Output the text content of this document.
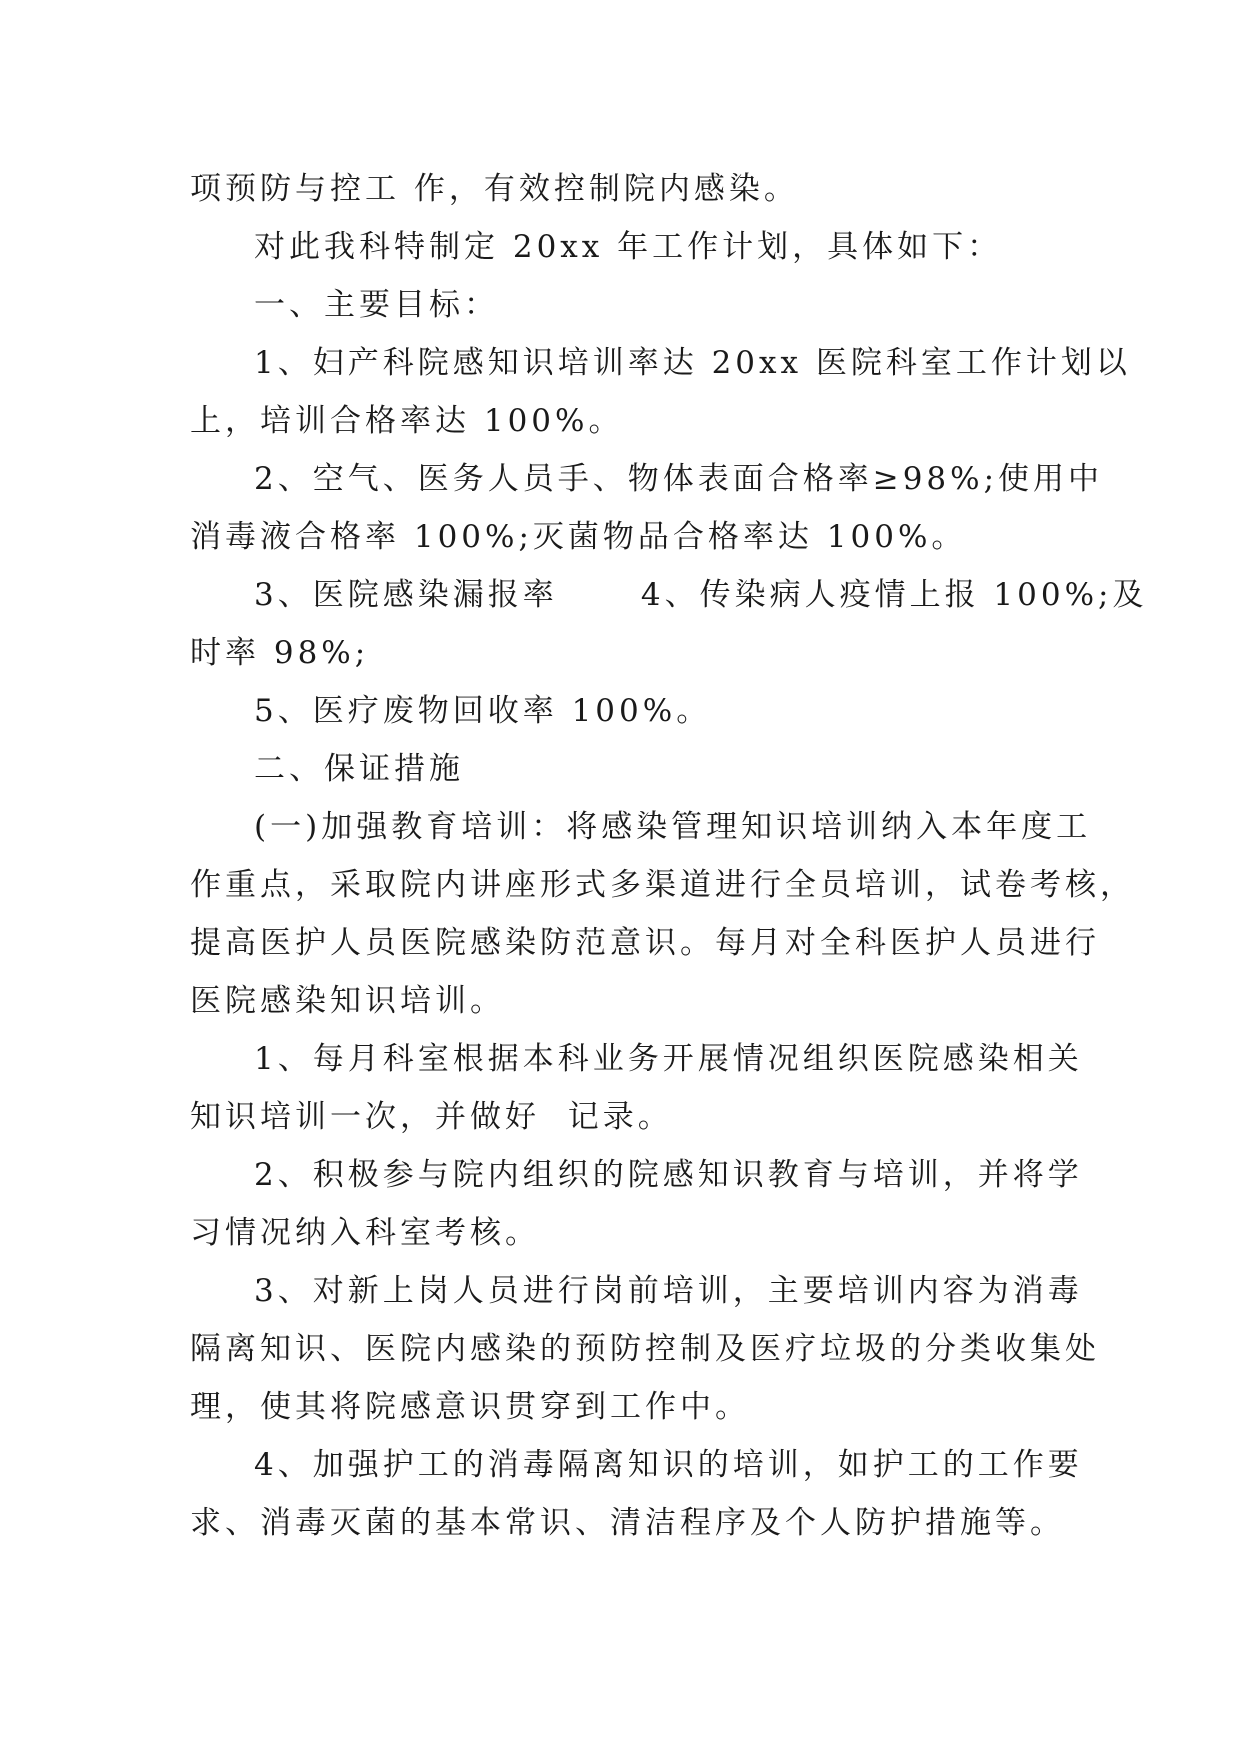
项预防与控工 作，有效控制院内感染。
对此我科特制定 20xx 年工作计划，具体如下：
一、主要目标：
1、妇产科院感知识培训率达 20xx 医院科室工作计划以
上，培训合格率达 100%。
2、空气、医务人员手、物体表面合格率≥98%;使用中
消毒液合格率 100%;灭菌物品合格率达 100%。
3、医院感染漏报率      4、传染病人疫情上报 100%;及
时率 98%;
5、医疗废物回收率 100%。
二、保证措施
(一)加强教育培训：将感染管理知识培训纳入本年度工
作重点，采取院内讲座形式多渠道进行全员培训，试卷考核，
提高医护人员医院感染防范意识。每月对全科医护人员进行
医院感染知识培训。
1、每月科室根据本科业务开展情况组织医院感染相关
知识培训一次，并做好  记录。
2、积极参与院内组织的院感知识教育与培训，并将学
习情况纳入科室考核。
3、对新上岗人员进行岗前培训，主要培训内容为消毒
隔离知识、医院内感染的预防控制及医疗垃圾的分类收集处
理，使其将院感意识贯穿到工作中。
4、加强护工的消毒隔离知识的培训，如护工的工作要
求、消毒灭菌的基本常识、清洁程序及个人防护措施等。
